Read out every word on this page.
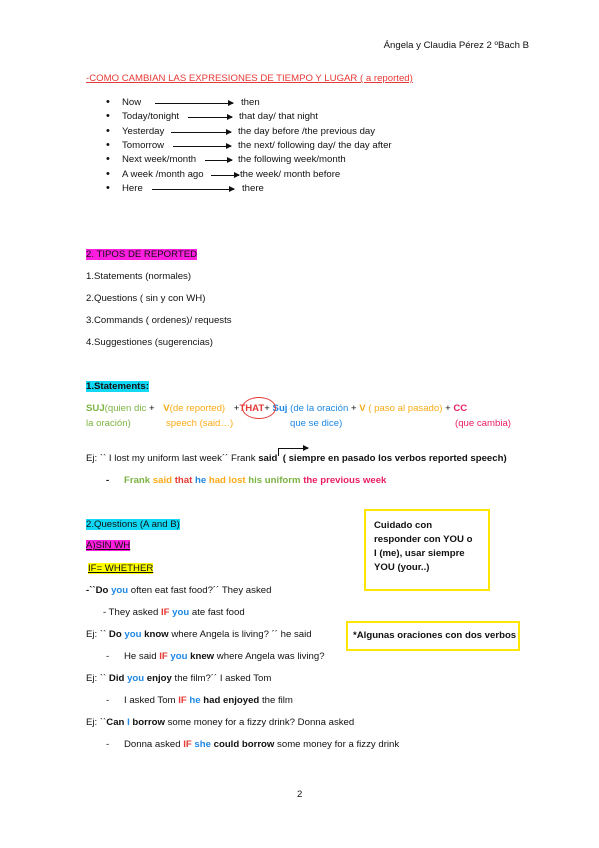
Ángela y Claudia Pérez 2 ºBach B
-COMO CAMBIAN LAS EXPRESIONES DE TIEMPO Y LUGAR ( a reported)
• Now	then
• Today/tonight	that day/ that night
• Yesterday	the day before /the previous day
• Tomorrow	the next/ following day/ the day after
• Next week/month	the following week/month
• A week /month ago	the week/ month before
• Here	there
2. TIPOS DE REPORTED
1.Statements (normales)
2.Questions ( sin y con WH)
3.Commands ( ordenes)/ requests
4.Suggestiones (sugerencias)
1.Statements:
SUJ(quien dic + V(de reported) +THAT+ Suj (de la oración + V ( paso al pasado) + CC
la oración)	speech (said…)	que se dice)	(que cambia)
Ej: `` I lost my uniform last week´´ Frank said ( siempre en pasado los verbos reported speech)
- Frank said that he had lost his uniform the previous week
2.Questions (A and B)
A)SIN WH
IF= WHETHER
-``Do you often eat fast food?´´ They asked
- They asked IF you ate fast food
Ej: `` Do you know where Angela is living? ´´ he said
- He said IF you knew where Angela was living?
Ej: `` Did you enjoy the film?´´ I asked Tom
- I asked Tom IF he had enjoyed the film
Ej: ``Can I borrow some money for a fizzy drink? Donna asked
- Donna asked IF she could borrow some money for a fizzy drink
Cuidado con
responder con YOU o
I (me), usar siempre
YOU (your..)
*Algunas oraciones con dos verbos
2
